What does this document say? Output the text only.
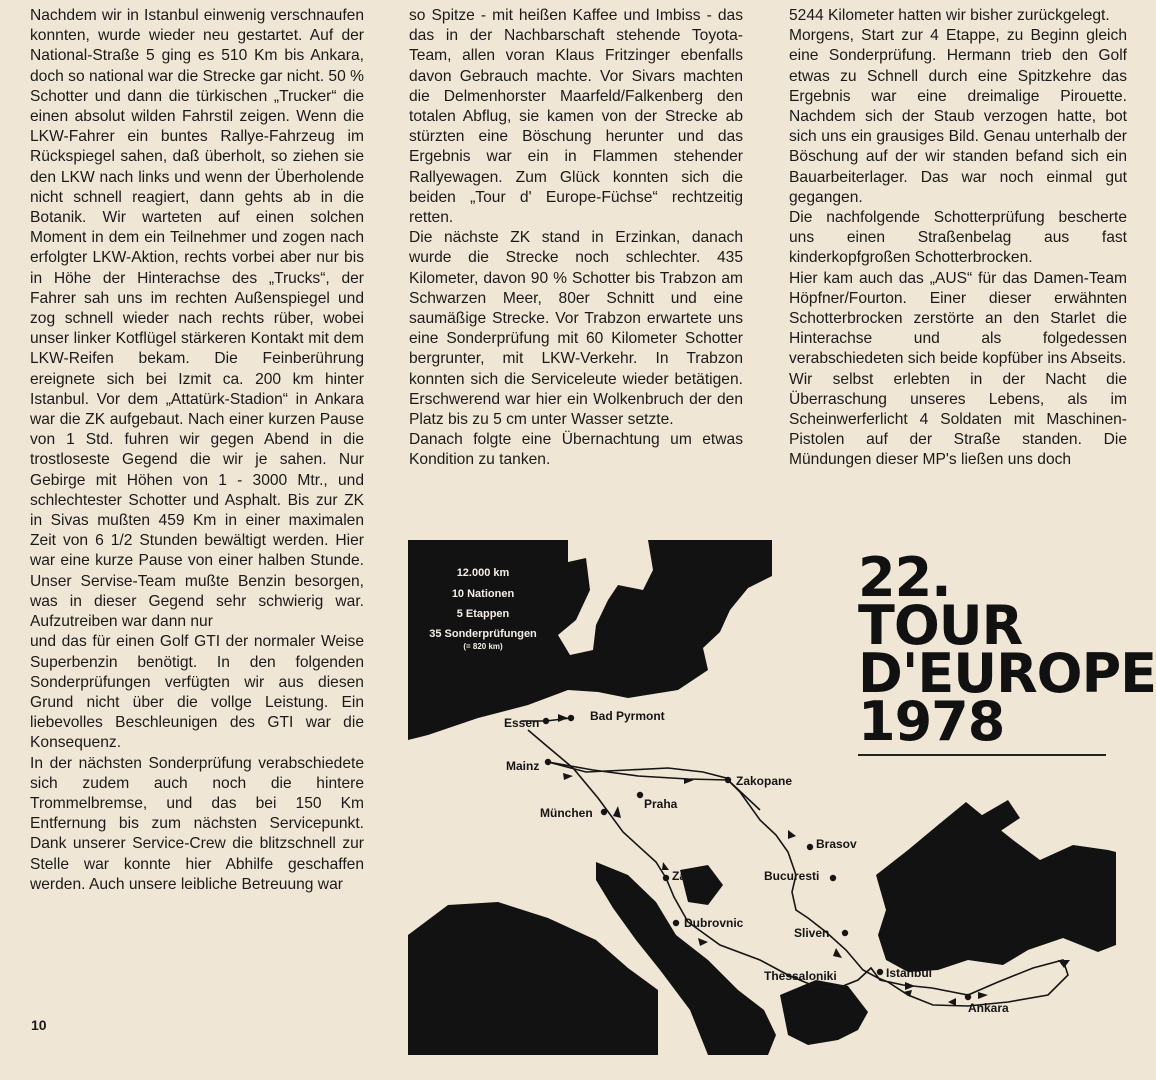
Nachdem wir in Istanbul einwenig verschnaufen konnten, wurde wieder neu gestartet. Auf der National-Straße 5 ging es 510 Km bis Ankara, doch so national war die Strecke gar nicht. 50 % Schotter und dann die türkischen „Trucker“ die einen absolut wilden Fahrstil zeigen. Wenn die LKW-Fahrer ein buntes Rallye-Fahrzeug im Rückspiegel sahen, daß überholt, so ziehen sie den LKW nach links und wenn der Überholende nicht schnell reagiert, dann gehts ab in die Botanik. Wir warteten auf einen solchen Moment in dem ein Teilnehmer und zogen nach erfolgter LKW-Aktion, rechts vorbei aber nur bis in Höhe der Hinterachse des „Trucks“, der Fahrer sah uns im rechten Außenspiegel und zog schnell wieder nach rechts rüber, wobei unser linker Kotflügel stärkeren Kontakt mit dem LKW-Reifen bekam. Die Feinberührung ereignete sich bei Izmit ca. 200 km hinter Istanbul. Vor dem „Attatürk-Stadion“ in Ankara war die ZK aufgebaut. Nach einer kurzen Pause von 1 Std. fuhren wir gegen Abend in die trostloseste Gegend die wir je sahen. Nur Gebirge mit Höhen von 1 - 3000 Mtr., und schlechtester Schotter und Asphalt. Bis zur ZK in Sivas mußten 459 Km in einer maximalen Zeit von 6 1/2 Stunden bewältigt werden. Hier war eine kurze Pause von einer halben Stunde. Unser Servise-Team mußte Benzin besorgen, was in dieser Gegend sehr schwierig war. Aufzutreiben war dann nur

und das für einen Golf GTI der normaler Weise Superbenzin benötigt. In den folgenden Sonderprüfungen verfügten wir aus diesen Grund nicht über die vollge Leistung. Ein liebevolles Beschleunigen des GTI war die Konsequenz.

In der nächsten Sonderprüfung verabschiedete sich zudem auch noch die hintere Trommelbremse, und das bei 150 Km Entfernung bis zum nächsten Servicepunkt. Dank unserer Service-Crew die blitzschnell zur Stelle war konnte hier Abhilfe geschaffen werden. Auch unsere leibliche Betreuung war

so Spitze - mit heißen Kaffee und Imbiss - das das in der Nachbarschaft stehende Toyota-Team, allen voran Klaus Fritzinger ebenfalls davon Gebrauch machte. Vor Sivars machten die Delmenhorster Maarfeld/Falkenberg den totalen Abflug, sie kamen von der Strecke ab stürzten eine Böschung herunter und das Ergebnis war ein in Flammen stehender Rallyewagen. Zum Glück konnten sich die beiden „Tour d' Europe-Füchse“ rechtzeitig retten.

Die nächste ZK stand in Erzinkan, danach wurde die Strecke noch schlechter. 435 Kilometer, davon 90 % Schotter bis Trabzon am Schwarzen Meer, 80er Schnitt und eine saumäßige Strecke. Vor Trabzon erwartete uns eine Sonderprüfung mit 60 Kilometer Schotter bergrunter, mit LKW-Verkehr. In Trabzon konnten sich die Serviceleute wieder betätigen. Erschwerend war hier ein Wolkenbruch der den Platz bis zu 5 cm unter Wasser setzte.

Danach folgte eine Übernachtung um etwas Kondition zu tanken.

5244 Kilometer hatten wir bisher zurückgelegt.

Morgens, Start zur 4 Etappe, zu Beginn gleich eine Sonderprüfung. Hermann trieb den Golf etwas zu Schnell durch eine Spitzkehre das Ergebnis war eine dreimalige Pirouette. Nachdem sich der Staub verzogen hatte, bot sich uns ein grausiges Bild. Genau unterhalb der Böschung auf der wir standen befand sich ein Bauarbeiterlager. Das war noch einmal gut gegangen.

Die nachfolgende Schotterprüfung bescherte uns einen Straßenbelag aus fast kinderkopfgroßen Schotterbrocken.

Hier kam auch das „AUS“ für das Damen-Team Höpfner/Fourton. Einer dieser erwähnten Schotterbrocken zerstörte an den Starlet die Hinterachse und als folgedessen verabschiedeten sich beide kopfüber ins Abseits.

Wir selbst erlebten in der Nacht die Überraschung unseres Lebens, als im Scheinwerferlicht 4 Soldaten mit Maschinen-Pistolen auf der Straße standen. Die Mündungen dieser MP's ließen uns doch

10
Essen	Bad Pyrmont
Mainz
Zakopane
München
Praha
Brasov
Zagreb	Bucuresti
Dubrovnic
Sliven
Thessaloniki	Istanbul
Ankara
12.000 km
10 Nationen
5 Etappen
35 Sonderprüfungen
(= 820 km)
22.
TOUR
D'EUROPE
1978
